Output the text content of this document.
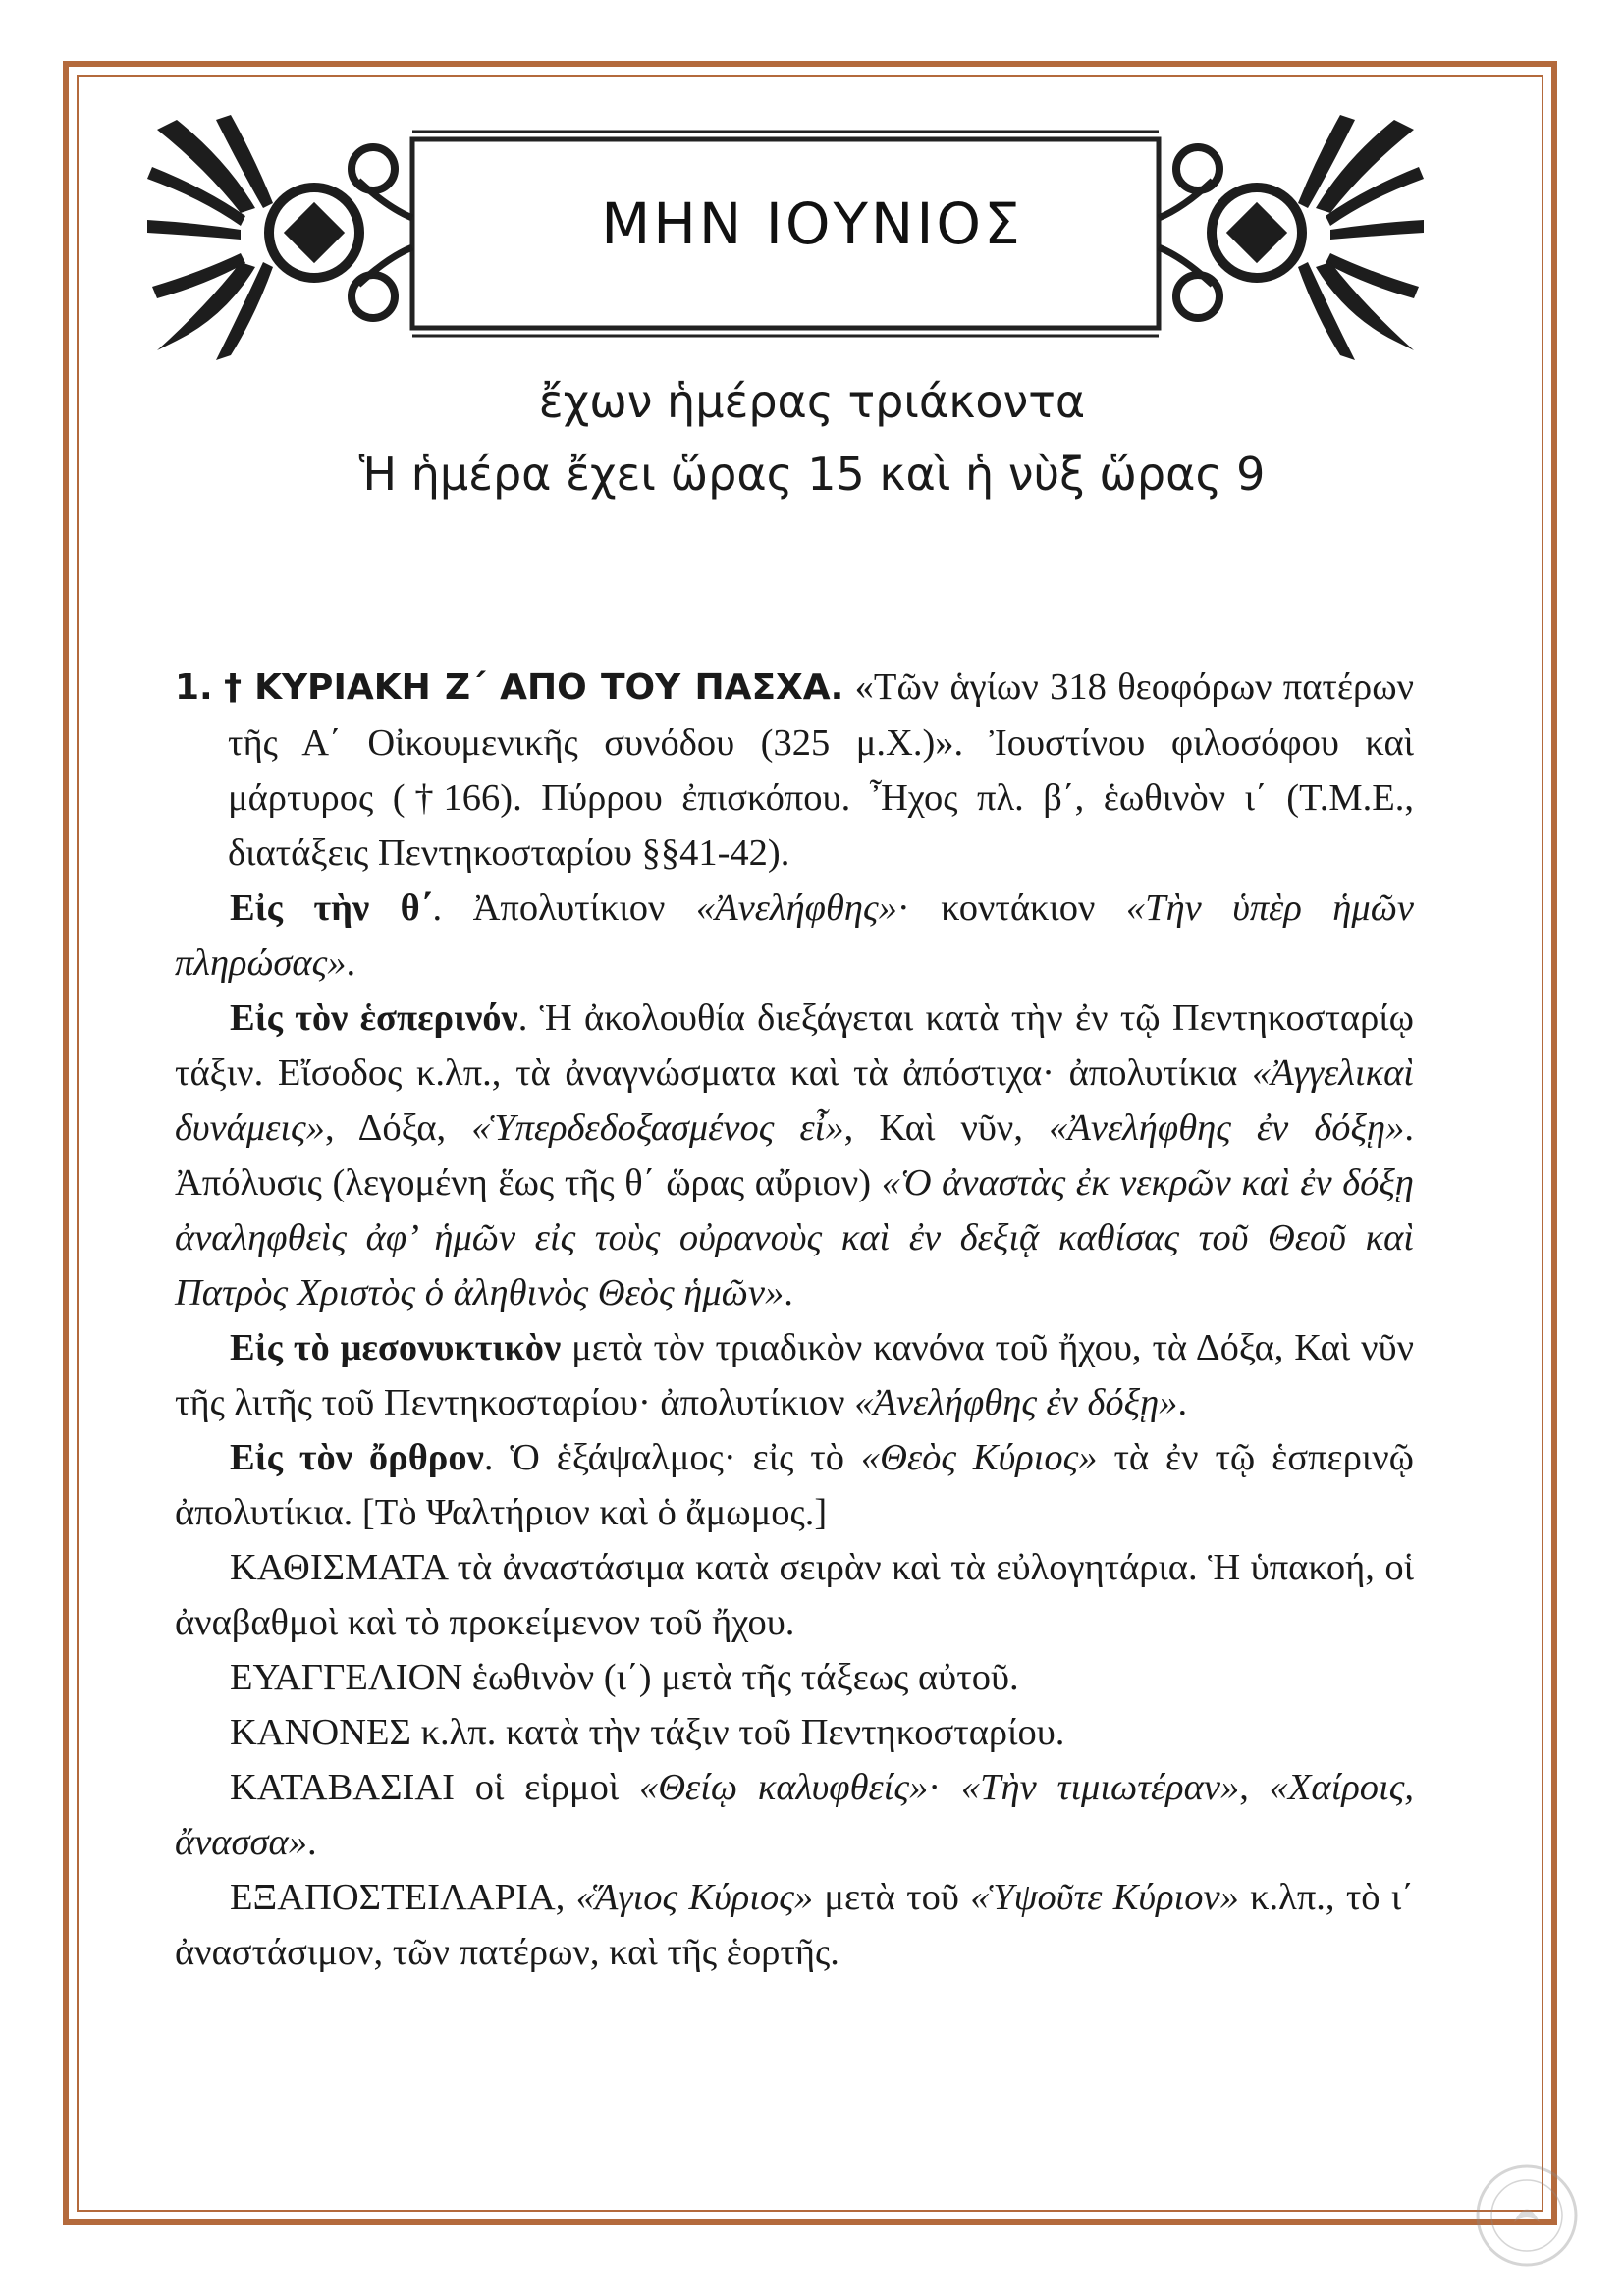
ΜΗΝ ΙΟΥΝΙΟΣ
ἔχων ἡμέρας τριάκοντα
Ἡ ἡμέρα ἔχει ὥρας 15 καὶ ἡ νὺξ ὥρας 9

1. † ΚΥΡΙΑΚΗ Ζ΄ ΑΠΟ ΤΟΥ ΠΑΣΧΑ. «Τῶν ἁγίων 318 θεοφόρων πατέρων τῆς Α΄ Οἰκουμενικῆς συνόδου (325 μ.Χ.)». Ἰουστίνου φιλοσόφου καὶ μάρτυρος (†166). Πύρρου ἐπισκόπου. Ἦχος πλ. β΄, ἑωθινὸν ι΄ (Τ.Μ.Ε., διατάξεις Πεντηκοσταρίου §§41-42).

Εἰς τὴν θ΄. Ἀπολυτίκιον «Ἀνελήφθης»· κοντάκιον «Τὴν ὑπὲρ ἡμῶν πληρώσας».

Εἰς τὸν ἑσπερινόν. Ἡ ἀκολουθία διεξάγεται κατὰ τὴν ἐν τῷ Πεντηκοσταρίῳ τάξιν. Εἴσοδος κ.λπ., τὰ ἀναγνώσματα καὶ τὰ ἀπόστιχα· ἀπολυτίκια «Ἀγγελικαὶ δυνάμεις», Δόξα, «Ὑπερδεδοξασμένος εἶ», Καὶ νῦν, «Ἀνελήφθης ἐν δόξῃ». Ἀπόλυσις (λεγομένη ἕως τῆς θ΄ ὥρας αὔριον) «Ὁ ἀναστὰς ἐκ νεκρῶν καὶ ἐν δόξῃ ἀναληφθεὶς ἀφ’ ἡμῶν εἰς τοὺς οὐρανοὺς καὶ ἐν δεξιᾷ καθίσας τοῦ Θεοῦ καὶ Πατρὸς Χριστὸς ὁ ἀληθινὸς Θεὸς ἡμῶν».

Εἰς τὸ μεσονυκτικὸν μετὰ τὸν τριαδικὸν κανόνα τοῦ ἤχου, τὰ Δόξα, Καὶ νῦν τῆς λιτῆς τοῦ Πεντηκοσταρίου· ἀπολυτίκιον «Ἀνελήφθης ἐν δόξῃ».

Εἰς τὸν ὄρθρον. Ὁ ἑξάψαλμος· εἰς τὸ «Θεὸς Κύριος» τὰ ἐν τῷ ἑσπερινῷ ἀπολυτίκια. [Τὸ Ψαλτήριον καὶ ὁ ἄμωμος.]

ΚΑΘΙΣΜΑΤΑ τὰ ἀναστάσιμα κατὰ σειρὰν καὶ τὰ εὐλογητάρια. Ἡ ὑπακοή, οἱ ἀναβαθμοὶ καὶ τὸ προκείμενον τοῦ ἤχου.

ΕΥΑΓΓΕΛΙΟΝ ἑωθινὸν (ι΄) μετὰ τῆς τάξεως αὐτοῦ.

ΚΑΝΟΝΕΣ κ.λπ. κατὰ τὴν τάξιν τοῦ Πεντηκοσταρίου.

ΚΑΤΑΒΑΣΙΑΙ οἱ εἱρμοὶ «Θείῳ καλυφθείς»· «Τὴν τιμιωτέραν», «Χαίροις, ἄνασσα».

ΕΞΑΠΟΣΤΕΙΛΑΡΙΑ, «Ἅγιος Κύριος» μετὰ τοῦ «Ὑψοῦτε Κύριον» κ.λπ., τὸ ι΄ ἀναστάσιμον, τῶν πατέρων, καὶ τῆς ἑορτῆς.
